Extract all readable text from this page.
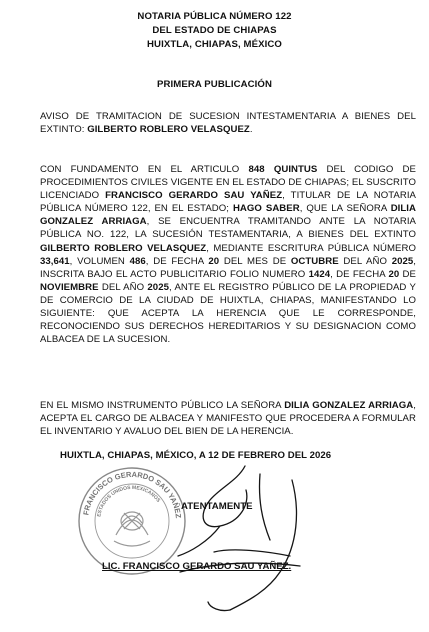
NOTARIA PÚBLICA NÚMERO 122
DEL ESTADO DE CHIAPAS
HUIXTLA, CHIAPAS, MÉXICO
PRIMERA PUBLICACIÓN
AVISO DE TRAMITACION DE SUCESION INTESTAMENTARIA A BIENES DEL EXTINTO: GILBERTO ROBLERO VELASQUEZ.
CON FUNDAMENTO EN EL ARTICULO 848 QUINTUS DEL CODIGO DE PROCEDIMIENTOS CIVILES VIGENTE EN EL ESTADO DE CHIAPAS; EL SUSCRITO LICENCIADO FRANCISCO GERARDO SAU YAÑEZ, TITULAR DE LA NOTARIA PÚBLICA NÚMERO 122, EN EL ESTADO; HAGO SABER, QUE LA SEÑORA DILIA GONZALEZ ARRIAGA, SE ENCUENTRA TRAMITANDO ANTE LA NOTARIA PÚBLICA NO. 122, LA SUCESIÓN TESTAMENTARIA, A BIENES DEL EXTINTO GILBERTO ROBLERO VELASQUEZ, MEDIANTE ESCRITURA PÚBLICA NÚMERO 33,641, VOLUMEN 486, DE FECHA 20 DEL MES DE OCTUBRE DEL AÑO 2025, INSCRITA BAJO EL ACTO PUBLICITARIO FOLIO NUMERO 1424, DE FECHA 20 DE NOVIEMBRE DEL AÑO 2025, ANTE EL REGISTRO PÚBLICO DE LA PROPIEDAD Y DE COMERCIO DE LA CIUDAD DE HUIXTLA, CHIAPAS, MANIFESTANDO LO SIGUIENTE: QUE ACEPTA LA HERENCIA QUE LE CORRESPONDE, RECONOCIENDO SUS DERECHOS HEREDITARIOS Y SU DESIGNACION COMO ALBACEA DE LA SUCESION.
EN EL MISMO INSTRUMENTO PÚBLICO LA SEÑORA DILIA GONZALEZ ARRIAGA, ACEPTA EL CARGO DE ALBACEA Y MANIFESTO QUE PROCEDERA A FORMULAR EL INVENTARIO Y AVALUO DEL BIEN DE LA HERENCIA.
HUIXTLA, CHIAPAS, MÉXICO, A 12 DE FEBRERO DEL 2026
FRANCISCO GERARDO SAU YAÑEZ
ESTADOS UNIDOS MEXICANOS
ATENTAMENTE
LIC. FRANCISCO GERARDO SAU YAÑEZ.
